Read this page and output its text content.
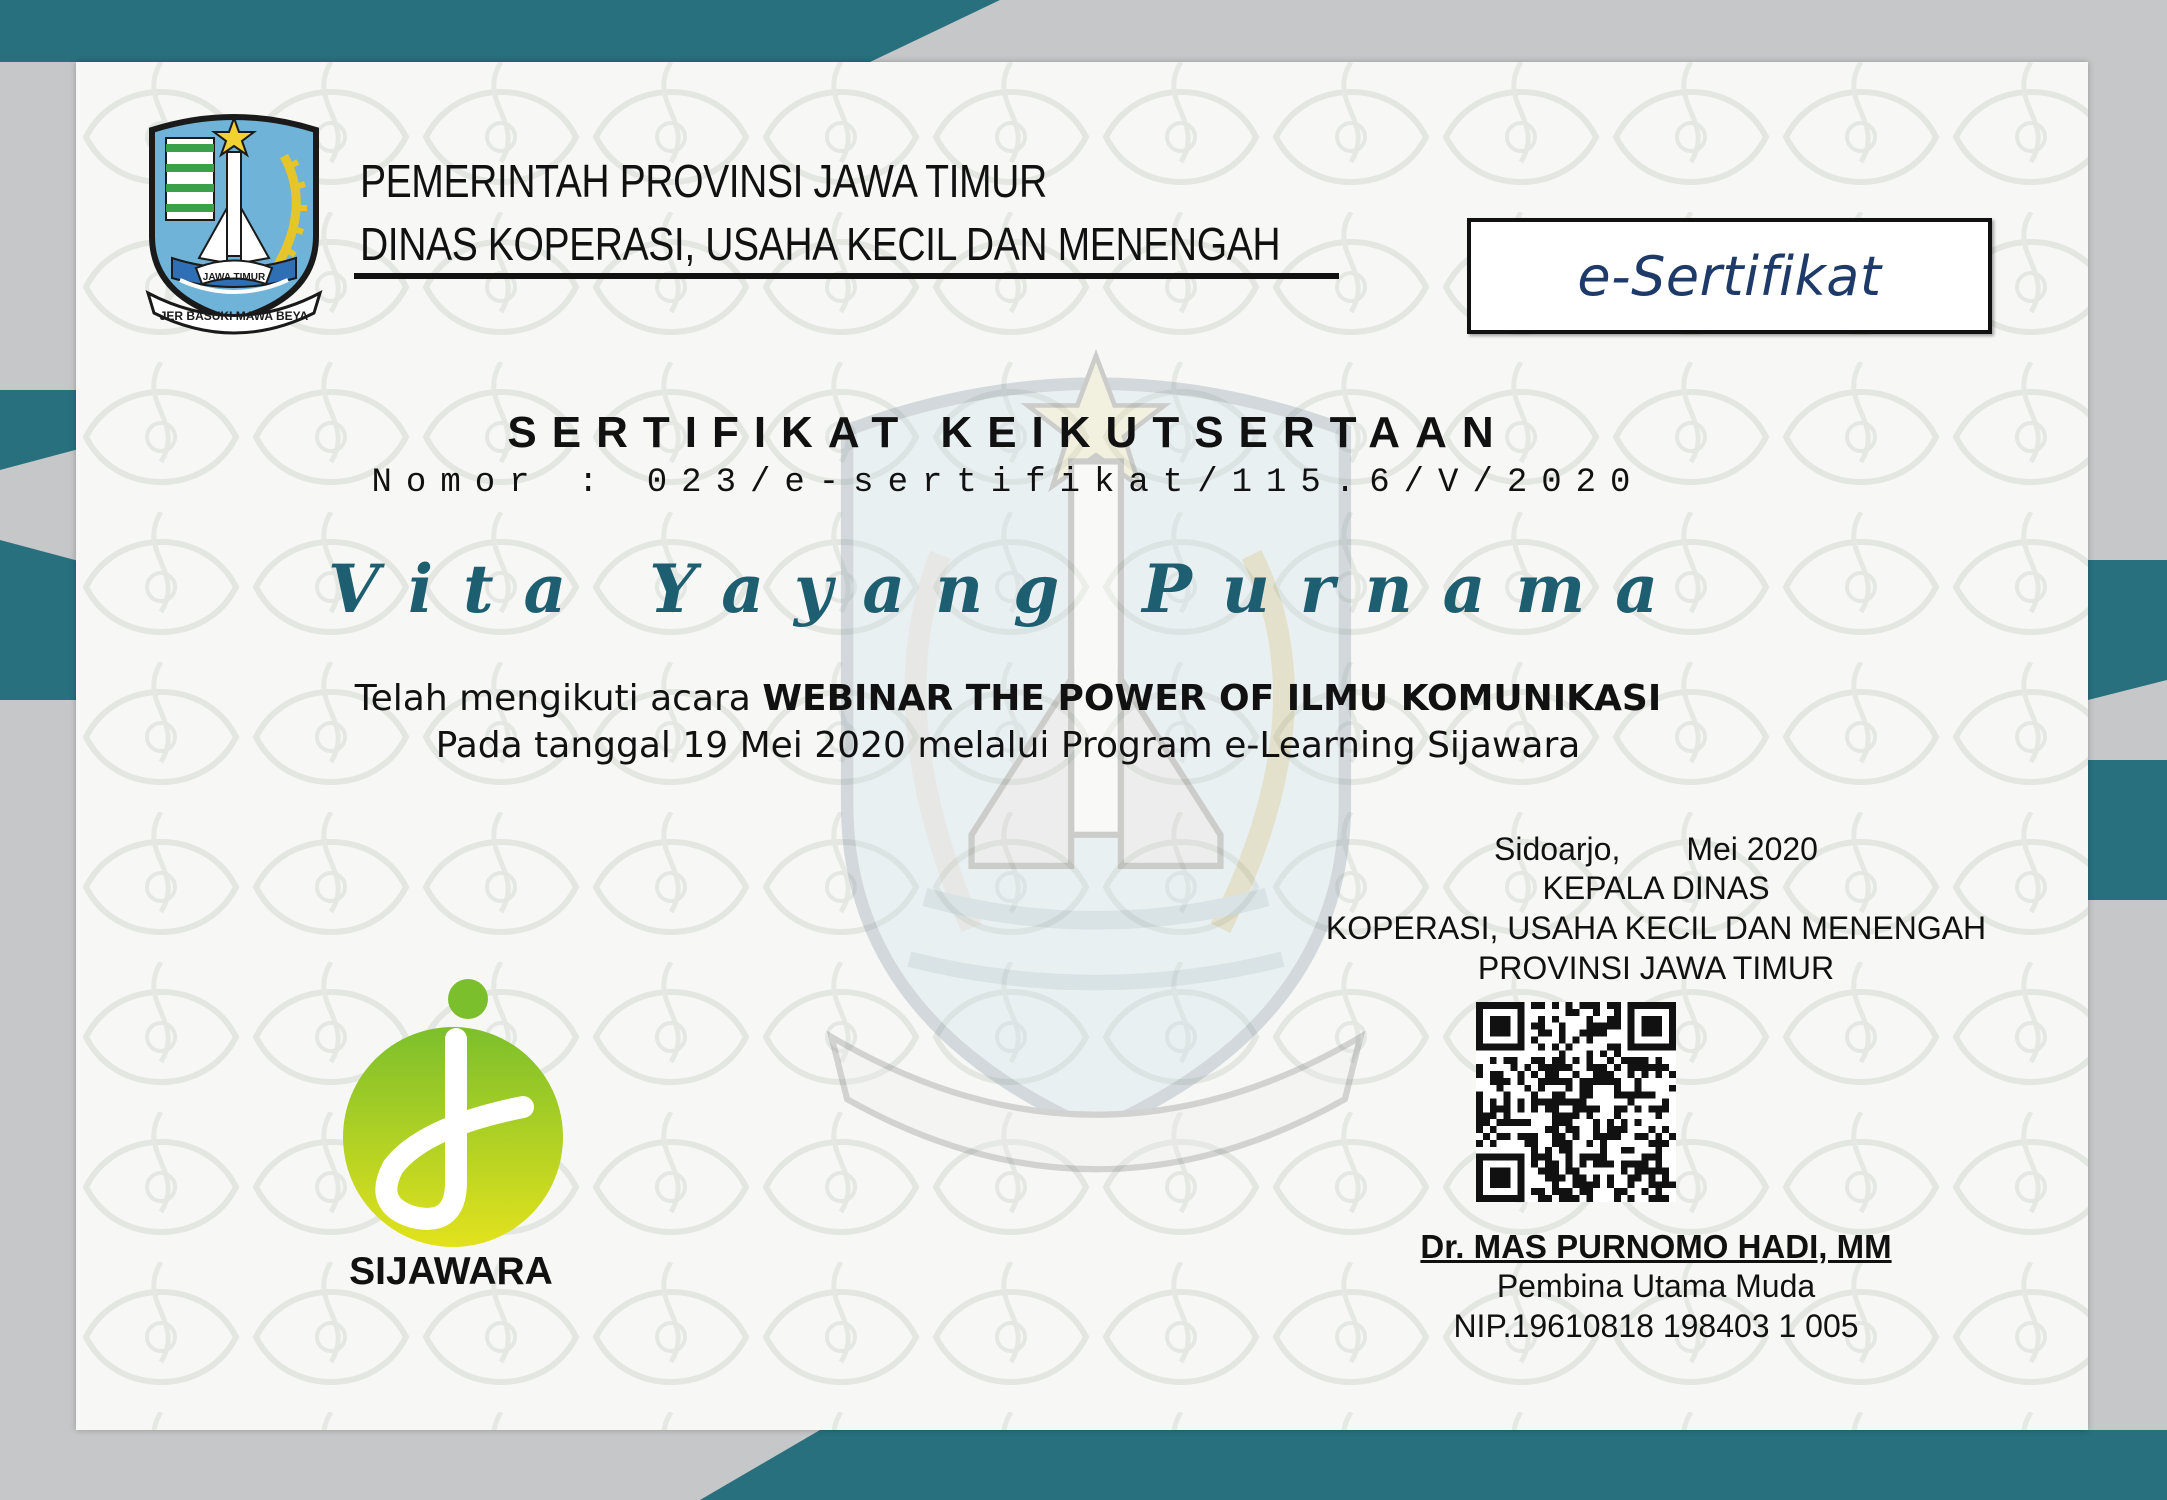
JAWA TIMUR
JER BASUKI MAWA BEYA
PEMERINTAH PROVINSI JAWA TIMUR
DINAS KOPERASI, USAHA KECIL DAN MENENGAH
e-Sertifikat
SERTIFIKAT KEIKUTSERTAAN
Nomor : 023/e-sertifikat/115.6/V/2020
Vita Yayang Purnama
Telah mengikuti acara WEBINAR THE POWER OF ILMU KOMUNIKASI
Pada tanggal 19 Mei 2020 melalui Program e-Learning Sijawara
Sidoarjo, Mei 2020
KEPALA DINAS
KOPERASI, USAHA KECIL DAN MENENGAH
PROVINSI JAWA TIMUR
Dr. MAS PURNOMO HADI, MM
Pembina Utama Muda
NIP.19610818 198403 1 005
SIJAWARA
